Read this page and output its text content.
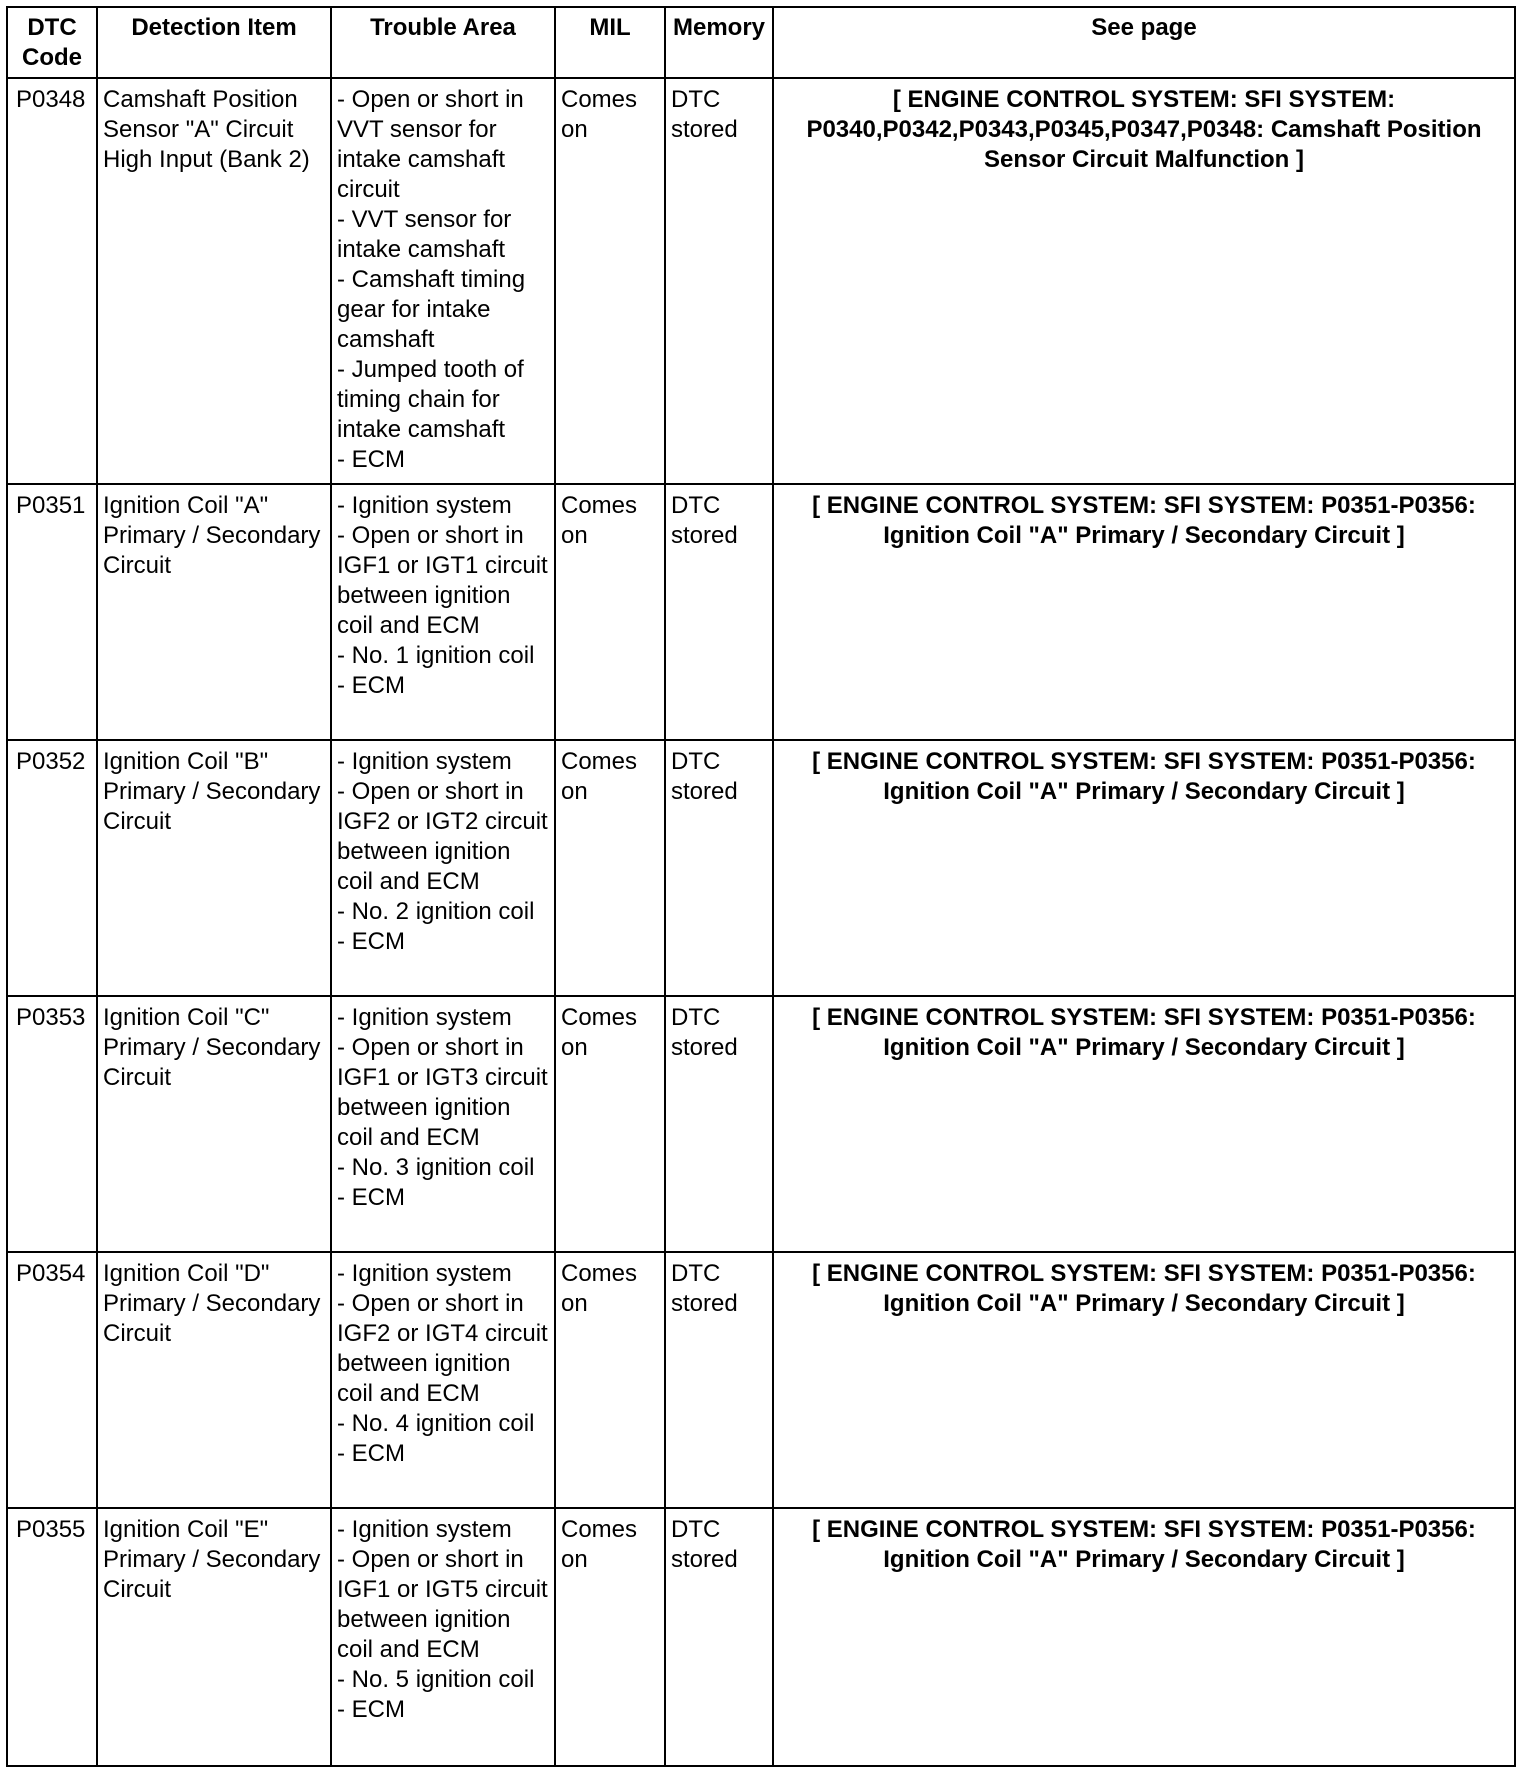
DTC
Code	Detection Item	Trouble Area	MIL	Memory	See page
P0348	Camshaft Position Sensor "A" Circuit High Input (Bank 2)	- Open or short in VVT sensor for intake camshaft circuit
- VVT sensor for intake camshaft
- Camshaft timing gear for intake camshaft
- Jumped tooth of timing chain for intake camshaft
- ECM	Comes on	DTC stored	[ ENGINE CONTROL SYSTEM: SFI SYSTEM: P0340,P0342,P0343,P0345,P0347,P0348: Camshaft Position Sensor Circuit Malfunction ]
P0351	Ignition Coil "A" Primary / Secondary Circuit	- Ignition system
- Open or short in IGF1 or IGT1 circuit between ignition coil and ECM
- No. 1 ignition coil
- ECM	Comes on	DTC stored	[ ENGINE CONTROL SYSTEM: SFI SYSTEM: P0351-P0356: Ignition Coil "A" Primary / Secondary Circuit ]
P0352	Ignition Coil "B" Primary / Secondary Circuit	- Ignition system
- Open or short in IGF2 or IGT2 circuit between ignition coil and ECM
- No. 2 ignition coil
- ECM	Comes on	DTC stored	[ ENGINE CONTROL SYSTEM: SFI SYSTEM: P0351-P0356: Ignition Coil "A" Primary / Secondary Circuit ]
P0353	Ignition Coil "C" Primary / Secondary Circuit	- Ignition system
- Open or short in IGF1 or IGT3 circuit between ignition coil and ECM
- No. 3 ignition coil
- ECM	Comes on	DTC stored	[ ENGINE CONTROL SYSTEM: SFI SYSTEM: P0351-P0356: Ignition Coil "A" Primary / Secondary Circuit ]
P0354	Ignition Coil "D" Primary / Secondary Circuit	- Ignition system
- Open or short in IGF2 or IGT4 circuit between ignition coil and ECM
- No. 4 ignition coil
- ECM	Comes on	DTC stored	[ ENGINE CONTROL SYSTEM: SFI SYSTEM: P0351-P0356: Ignition Coil "A" Primary / Secondary Circuit ]
P0355	Ignition Coil "E" Primary / Secondary Circuit	- Ignition system
- Open or short in IGF1 or IGT5 circuit between ignition coil and ECM
- No. 5 ignition coil
- ECM	Comes on	DTC stored	[ ENGINE CONTROL SYSTEM: SFI SYSTEM: P0351-P0356: Ignition Coil "A" Primary / Secondary Circuit ]
